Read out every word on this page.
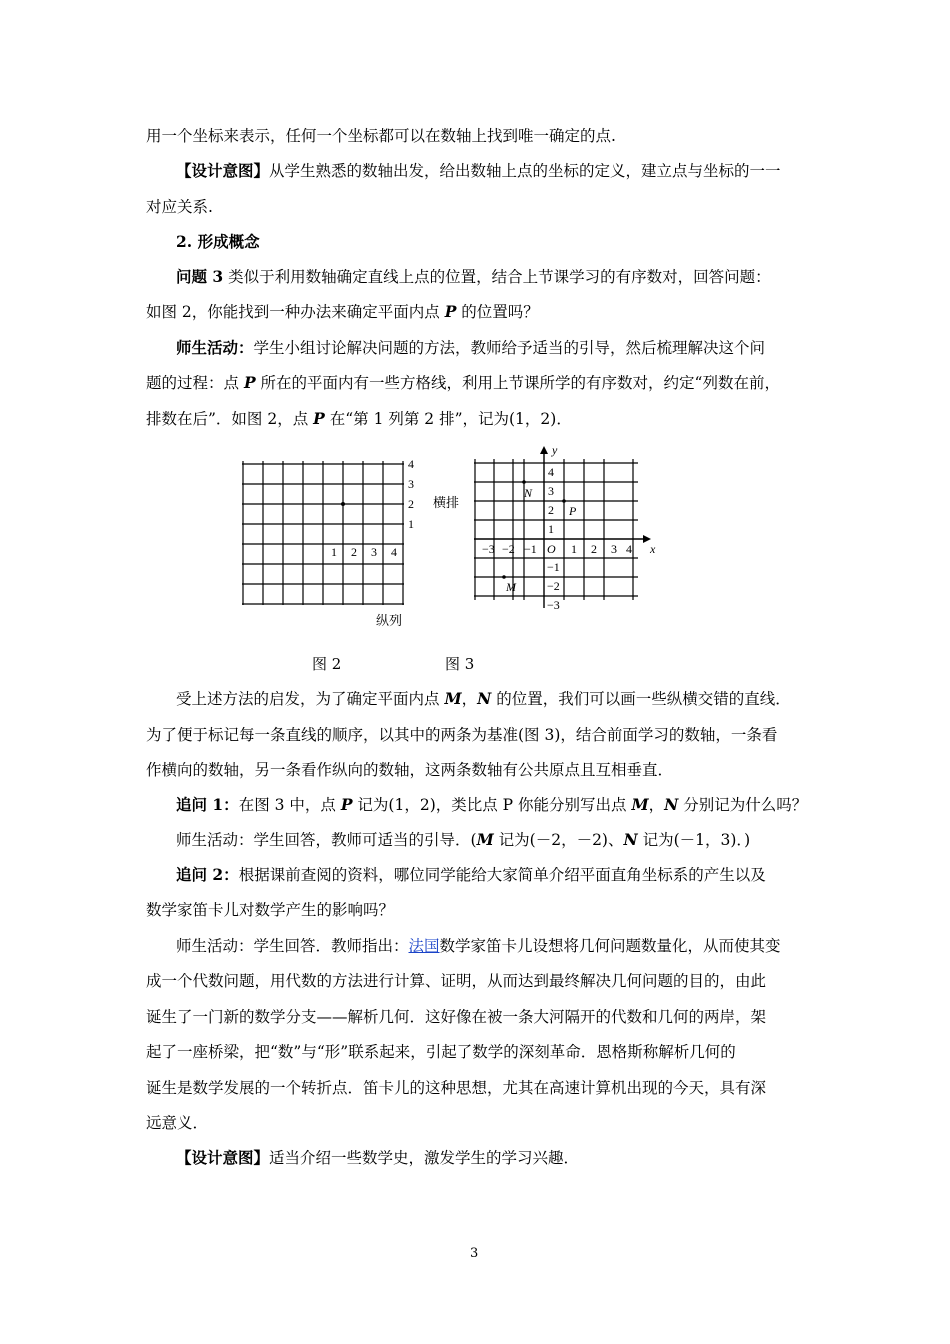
用一个坐标来表示，任何一个坐标都可以在数轴上找到唯一确定的点.
【设计意图】从学生熟悉的数轴出发，给出数轴上点的坐标的定义，建立点与坐标的一一
对应关系.
2. 形成概念
问题 3 类似于利用数轴确定直线上点的位置，结合上节课学习的有序数对，回答问题：
如图 2，你能找到一种办法来确定平面内点 P 的位置吗？
师生活动：学生小组讨论解决问题的方法，教师给予适当的引导，然后梳理解决这个问
题的过程：点 P 所在的平面内有一些方格线，利用上节课所学的有序数对，约定“列数在前，
排数在后”．如图 2，点 P 在“第 1 列第 2 排”，记为(1，2)．
4
3
2
1
1 2 3 4
横排
纵列
x
y
O
−3 −2 −1	1 2 3 4
4
3
2
1
−1
−2
−3
N
P
M
图 2	图 3
受上述方法的启发，为了确定平面内点 M，N 的位置，我们可以画一些纵横交错的直线．
为了便于标记每一条直线的顺序，以其中的两条为基准(图 3)，结合前面学习的数轴，一条看
作横向的数轴，另一条看作纵向的数轴，这两条数轴有公共原点且互相垂直．
追问 1：在图 3 中，点 P 记为(1，2)，类比点 P 你能分别写出点 M，N 分别记为什么吗？
师生活动：学生回答，教师可适当的引导．(M 记为(－2，－2)、N 记为(－1，3)．)
追问 2：根据课前查阅的资料，哪位同学能给大家简单介绍平面直角坐标系的产生以及
数学家笛卡儿对数学产生的影响吗？
师生活动：学生回答．教师指出：法国数学家笛卡儿设想将几何问题数量化，从而使其变
成一个代数问题，用代数的方法进行计算、证明，从而达到最终解决几何问题的目的，由此
诞生了一门新的数学分支——解析几何．这好像在被一条大河隔开的代数和几何的两岸，架
起了一座桥梁，把“数”与“形”联系起来，引起了数学的深刻革命．恩格斯称解析几何的
诞生是数学发展的一个转折点．笛卡儿的这种思想，尤其在高速计算机出现的今天，具有深
远意义．
【设计意图】适当介绍一些数学史，激发学生的学习兴趣．
3
